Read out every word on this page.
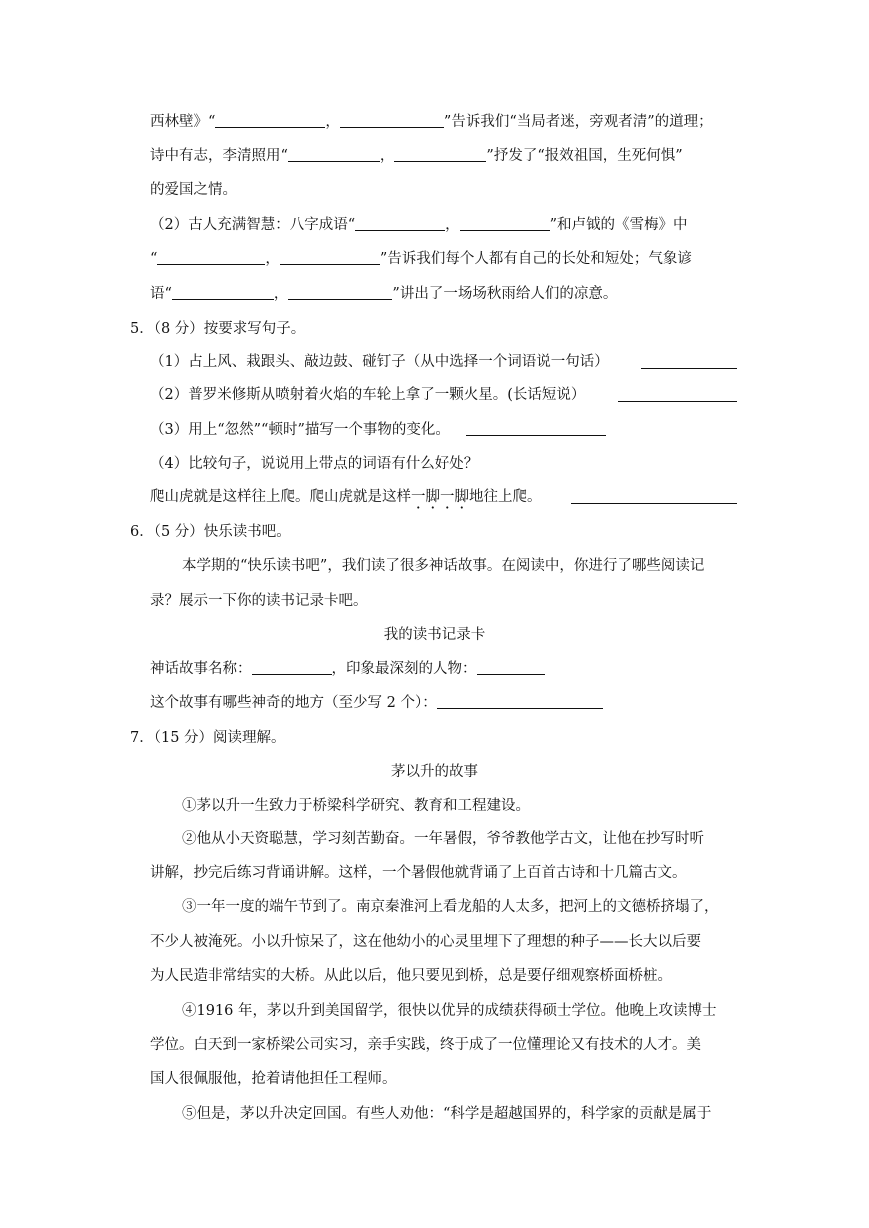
西林壁》“	，	”告诉我们“当局者迷，旁观者清”的道理；
诗中有志，李清照用“	，	”抒发了“报效祖国，生死何惧”
的爱国之情。
（2）古人充满智慧：八字成语“	，	”和卢钺的《雪梅》中
“	，	”告诉我们每个人都有自己的长处和短处；气象谚
语“	，	”讲出了一场场秋雨给人们的凉意。
5．（8 分）按要求写句子。
（1）占上风、栽跟头、敲边鼓、碰钉子（从中选择一个词语说一句话）
（2）普罗米修斯从喷射着火焰的车轮上拿了一颗火星。(长话短说）
（3）用上“忽然”“顿时”描写一个事物的变化。
（4）比较句子，说说用上带点的词语有什么好处？
爬山虎就是这样往上爬。爬山虎就是这样一脚一脚地往上爬。
6．（5 分）快乐读书吧。
本学期的“快乐读书吧”，我们读了很多神话故事。在阅读中，你进行了哪些阅读记
录？展示一下你的读书记录卡吧。
我的读书记录卡
神话故事名称：	，印象最深刻的人物：
这个故事有哪些神奇的地方（至少写 2 个）：
7．（15 分）阅读理解。
茅以升的故事
①茅以升一生致力于桥梁科学研究、教育和工程建设。
②他从小天资聪慧，学习刻苦勤奋。一年暑假，爷爷教他学古文，让他在抄写时听
讲解，抄完后练习背诵讲解。这样，一个暑假他就背诵了上百首古诗和十几篇古文。
③一年一度的端午节到了。南京秦淮河上看龙船的人太多，把河上的文德桥挤塌了，
不少人被淹死。小以升惊呆了，这在他幼小的心灵里埋下了理想的种子——长大以后要
为人民造非常结实的大桥。从此以后，他只要见到桥，总是要仔细观察桥面桥桩。
④1916 年，茅以升到美国留学，很快以优异的成绩获得硕士学位。他晚上攻读博士
学位。白天到一家桥梁公司实习，亲手实践，终于成了一位懂理论又有技术的人才。美
国人很佩服他，抢着请他担任工程师。
⑤但是，茅以升决定回国。有些人劝他：“科学是超越国界的，科学家的贡献是属于
